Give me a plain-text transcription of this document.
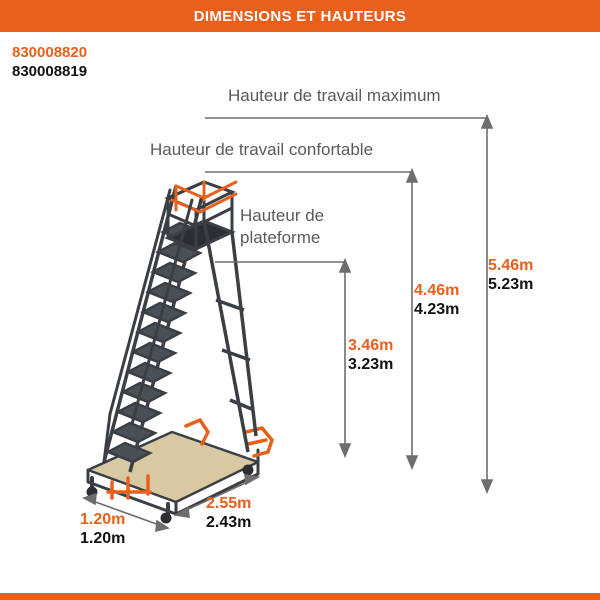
DIMENSIONS ET HAUTEURS
830008820
830008819
Hauteur de travail maximum
Hauteur de travail confortable
Hauteur de
plateforme
3.46m
3.23m
4.46m
4.23m
5.46m
5.23m
2.55m
2.43m
1.20m
1.20m
